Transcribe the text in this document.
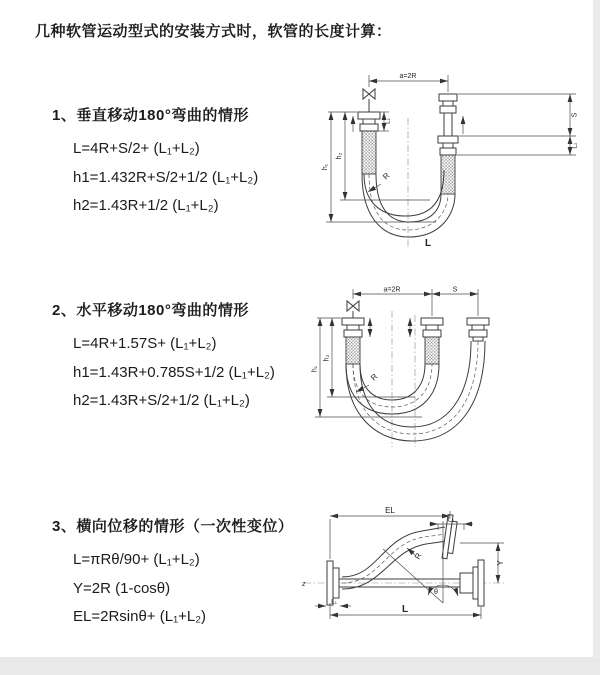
几种软管运动型式的安装方式时，软管的长度计算：

1、垂直移动180°弯曲的情形

L=4R+S/2+ (L₁+L₂)

h1=1.432R+S/2+1/2 (L₁+L₂)

h2=1.43R+1/2 (L₁+L₂)

2、水平移动180°弯曲的情形

L=4R+1.57S+ (L₁+L₂)

h1=1.43R+0.785S+1/2 (L₁+L₂)

h2=1.43R+S/2+1/2 (L₁+L₂)

3、横向位移的情形（一次性变位）

L=πRθ/90+ (L₁+L₂)

Y=2R (1-cosθ)

EL=2Rsinθ+ (L₁+L₂)

a=2R
L₁
S
L₂
h₂
h₁
R
L
a=2R	S
h₂
h₁
R
z
EL
L₂
Y
θ
R
L₁
L
